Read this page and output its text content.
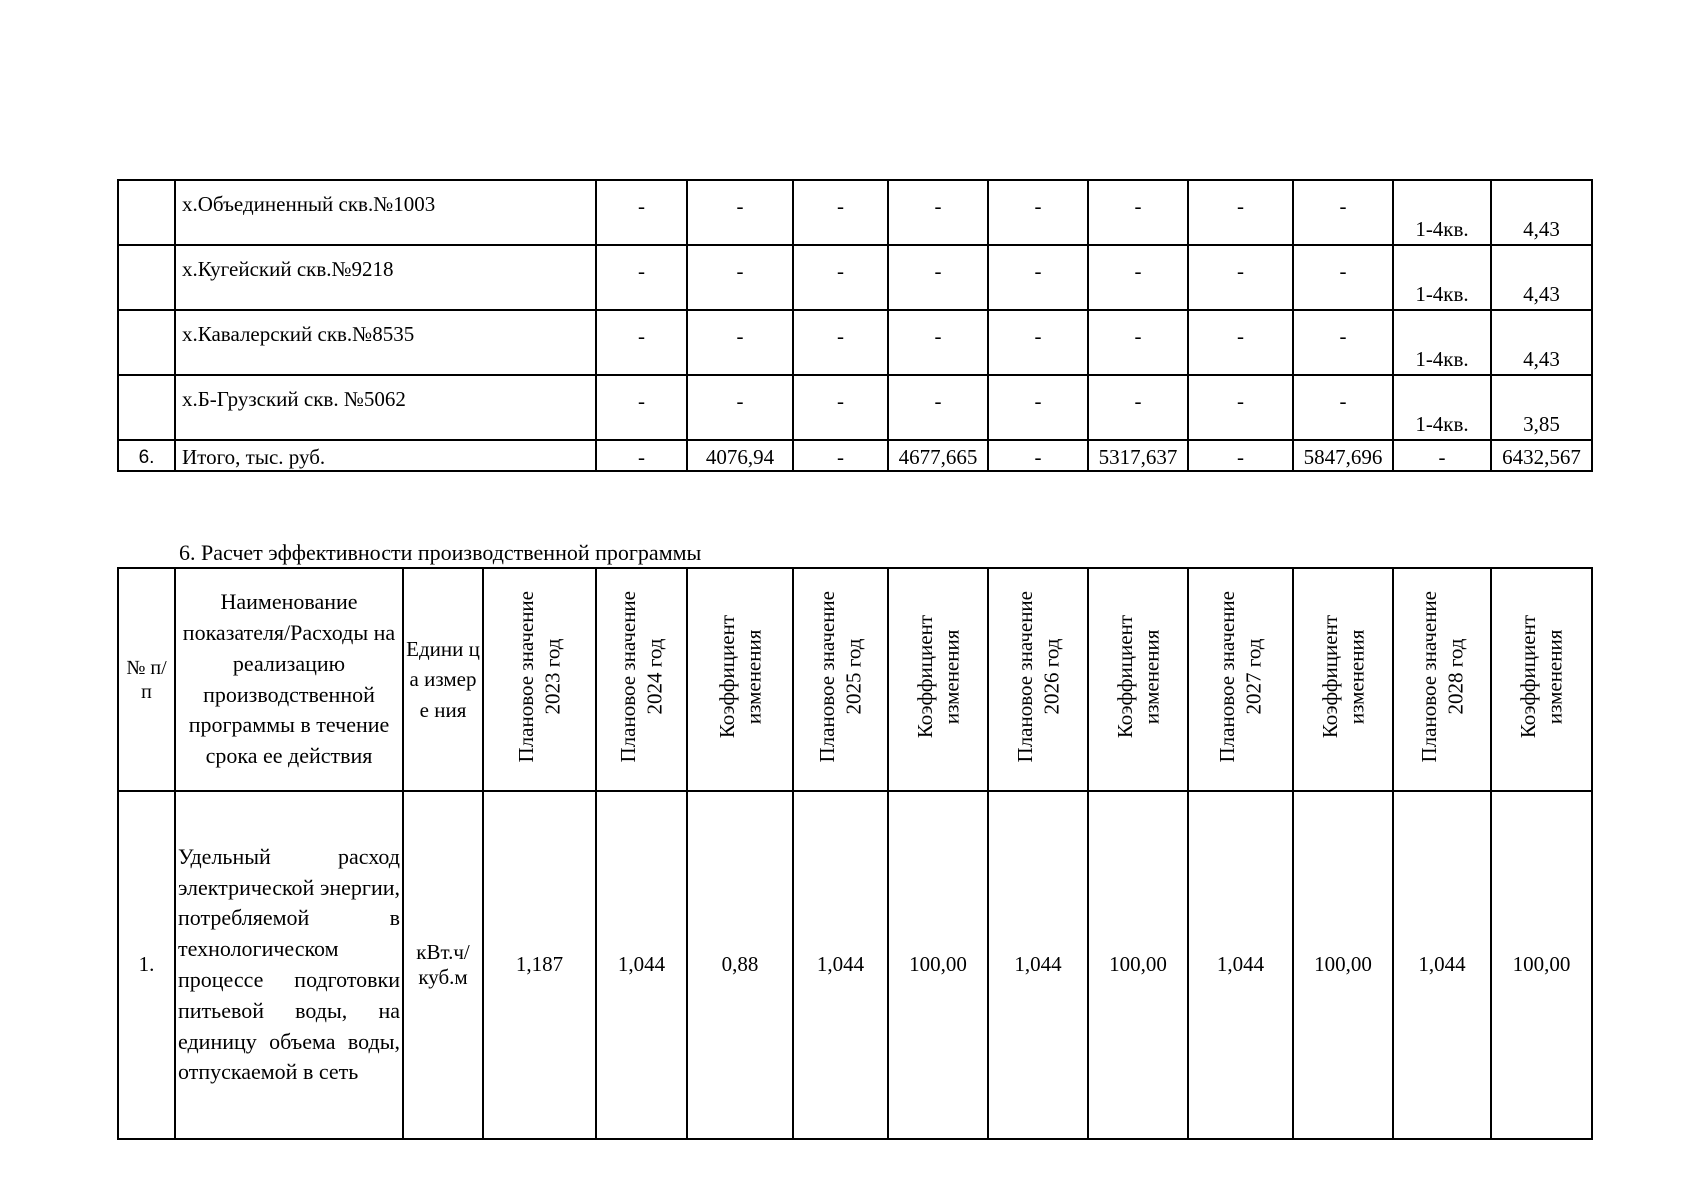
	х.Объединенный скв.№1003	-	-	-	-	-	-	-	-	1-4кв.	4,43
	х.Кугейский скв.№9218	-	-	-	-	-	-	-	-	1-4кв.	4,43
	х.Кавалерский скв.№8535	-	-	-	-	-	-	-	-	1-4кв.	4,43
	х.Б-Грузский скв. №5062	-	-	-	-	-	-	-	-	1-4кв.	3,85
6.	Итого, тыс. руб.	-	4076,94	-	4677,665	-	5317,637	-	5847,696	-	6432,567
6. Расчет эффективности производственной программы
№ п/п	Наименование показателя/Расходы на реализацию производственной программы в течение срока ее действия	Едини ца измере ния	Плановое значение 2023 год	Плановое значение 2024 год	Коэффициент изменения	Плановое значение 2025 год	Коэффициент изменения	Плановое значение 2026 год	Коэффициент изменения	Плановое значение 2027 год	Коэффициент изменения	Плановое значение 2028 год	Коэффициент изменения
1.	Удельный расход электрической энергии, потребляемой в технологическом процессе подготовки питьевой воды, на единицу объема воды, отпускаемой в сеть	кВт.ч/ куб.м	1,187	1,044	0,88	1,044	100,00	1,044	100,00	1,044	100,00	1,044	100,00
